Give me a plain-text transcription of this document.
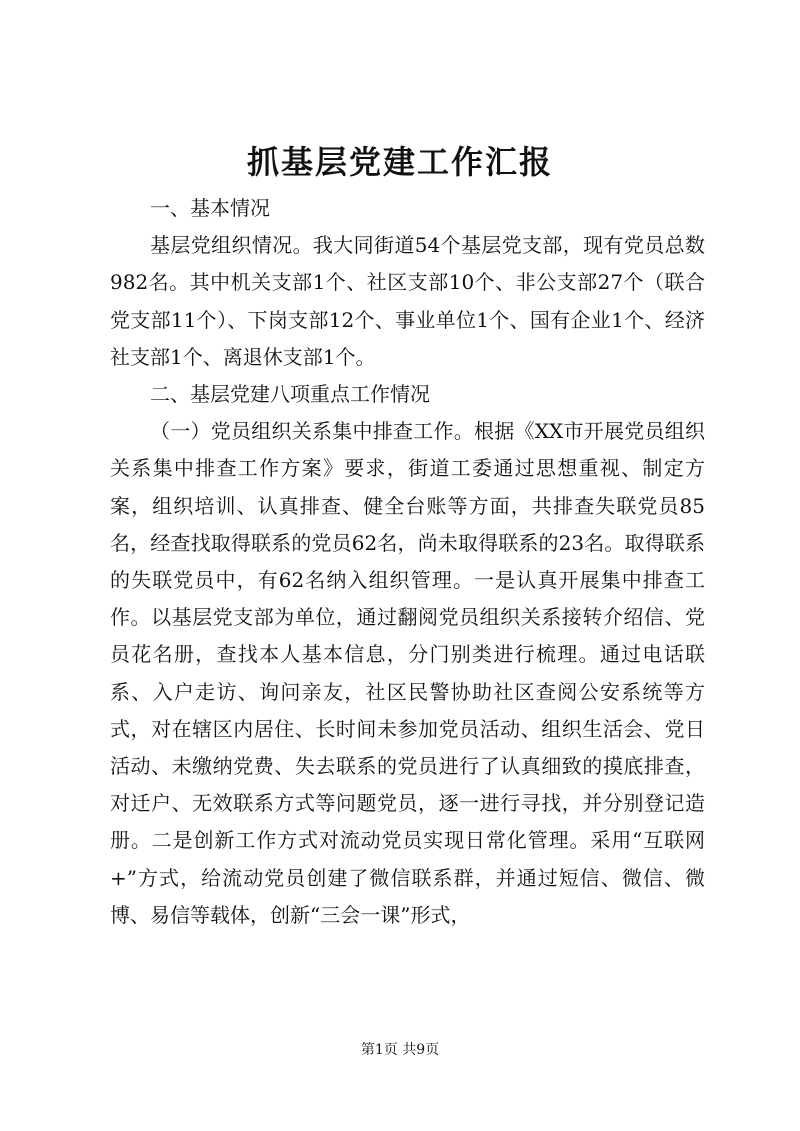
抓基层党建工作汇报

一、基本情况

基层党组织情况。我大同街道54个基层党支部，现有党员总数982名。其中机关支部1个、社区支部10个、非公支部27个（联合党支部11个）、下岗支部12个、事业单位1个、国有企业1个、经济社支部1个、离退休支部1个。

二、基层党建八项重点工作情况

（一）党员组织关系集中排查工作。根据《XX市开展党员组织关系集中排查工作方案》要求，街道工委通过思想重视、制定方案，组织培训、认真排查、健全台账等方面，共排查失联党员85名，经查找取得联系的党员62名，尚未取得联系的23名。取得联系的失联党员中，有62名纳入组织管理。一是认真开展集中排查工作。以基层党支部为单位，通过翻阅党员组织关系接转介绍信、党员花名册，查找本人基本信息，分门别类进行梳理。通过电话联系、入户走访、询问亲友，社区民警协助社区查阅公安系统等方式，对在辖区内居住、长时间未参加党员活动、组织生活会、党日活动、未缴纳党费、失去联系的党员进行了认真细致的摸底排查，对迁户、无效联系方式等问题党员，逐一进行寻找，并分别登记造册。二是创新工作方式对流动党员实现日常化管理。采用“互联网+”方式，给流动党员创建了微信联系群，并通过短信、微信、微博、易信等载体，创新“三会一课”形式，

第1页 共9页
